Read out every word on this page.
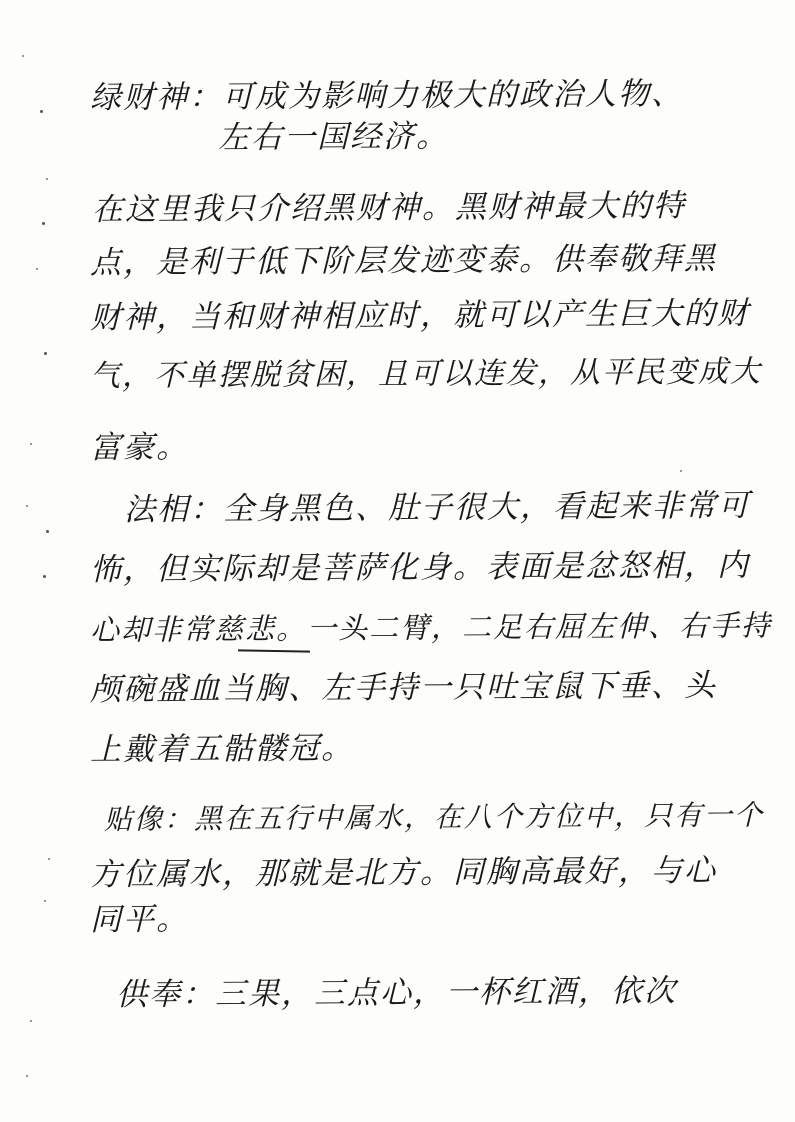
绿财神：可成为影响力极大的政治人物、
左右一国经济。
在这里我只介绍黑财神。黑财神最大的特
点，是利于低下阶层发迹变泰。供奉敬拜黑
财神，当和财神相应时，就可以产生巨大的财
气，不单摆脱贫困，且可以连发，从平民变成大
富豪。
法相：全身黑色、肚子很大，看起来非常可
怖，但实际却是菩萨化身。表面是忿怒相，内
心却非常慈悲。一头二臂，二足右屈左伸、右手持
颅碗盛血当胸、左手持一只吐宝鼠下垂、头
上戴着五骷髅冠。
贴像：黑在五行中属水，在八个方位中，只有一个
方位属水，那就是北方。同胸高最好，与心
同平。
供奉：三果，三点心，一杯红酒，依次
